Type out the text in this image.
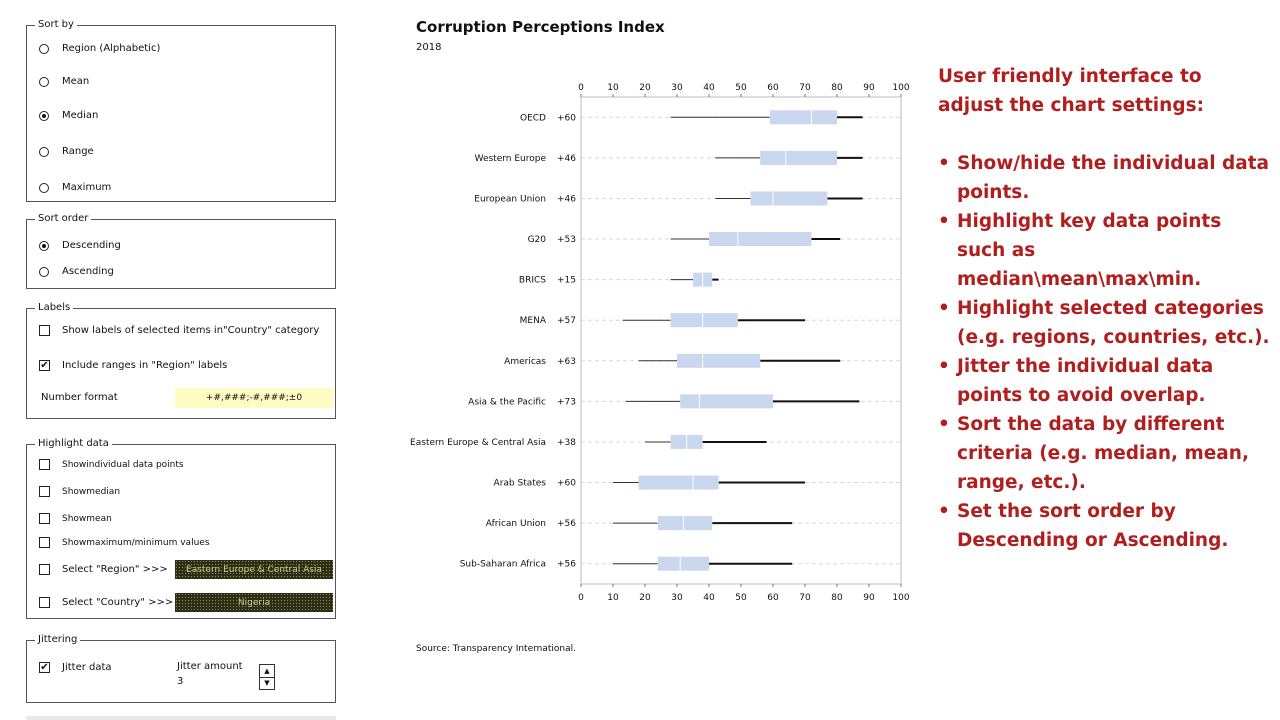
Sort by
Region (Alphabetic)
Mean
Median
Range
Maximum
Sort order
Descending
Ascending
Labels
Show labels of selected items in"Country" category
✔ Include ranges in "Region" labels
Number format	+#,###;-#,###;±0
Highlight data
Showindividual data points
Showmedian
Showmean
Showmaximum/minimum values
Select "Region" >>>	Eastern Europe & Central Asia
Select "Country" >>>	Nigeria
Jittering
✔ Jitter data	Jitter amount
3
▲
▼
Corruption Perceptions Index
2018
0
0
10
10
20
20
30
30
40
40
50
50
60
60
70
70
80
80
90
90
100
100
OECD +60
Western Europe +46
European Union +46
G20 +53
BRICS +15
MENA +57
Americas +63
Asia & the Pacific +73
Eastern Europe & Central Asia +38
Arab States +60
African Union +56
Sub-Saharan Africa +56
Source: Transparency International.
User friendly interface to adjust the chart settings:
• Show/hide the individual data points.
• Highlight key data points such as median\mean\max\min.
• Highlight selected categories (e.g. regions, countries, etc.).
• Jitter the individual data points to avoid overlap.
• Sort the data by different criteria (e.g. median, mean, range, etc.).
• Set the sort order by Descending or Ascending.
